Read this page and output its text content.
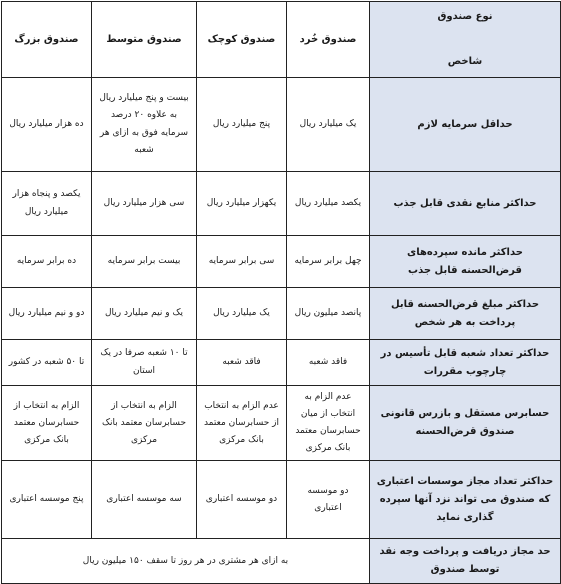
نوع صندوق
شاخص	صندوق خُرد	صندوق کوچک	صندوق متوسط	صندوق بزرگ
حداقل سرمایه لازم	یک میلیارد ریال	پنج میلیارد ریال	بیست و پنج میلیارد ریال به علاوه ۲۰ درصد سرمایه فوق به ازای هر شعبه	ده هزار میلیارد ریال
حداکثر منابع نقدی قابل جذب	یکصد میلیارد ریال	یکهزار میلیارد ریال	سی هزار میلیارد ریال	یکصد و پنجاه هزار میلیارد ریال
حداکثر مانده سپرده‌های قرض‌الحسنه قابل جذب	چهل برابر سرمایه	سی برابر سرمایه	بیست برابر سرمایه	ده برابر سرمایه
حداکثر مبلغ قرض‌الحسنه قابل پرداخت به هر شخص	پانصد میلیون ریال	یک میلیارد ریال	یک و نیم میلیارد ریال	دو و نیم میلیارد ریال
حداکثر تعداد شعبه قابل تأسیس در چارچوب مقررات	فاقد شعبه	فاقد شعبه	تا ۱۰ شعبه صرفا در یک استان	تا ۵۰ شعبه در کشور
حسابرس مستقل و بازرس قانونی صندوق قرض‌الحسنه	عدم الزام به انتخاب از میان حسابرسان معتمد بانک مرکزی	عدم الزام به انتخاب از حسابرسان معتمد بانک مرکزی	الزام به انتخاب از حسابرسان معتمد بانک مرکزی	الزام به انتخاب از حسابرسان معتمد بانک مرکزی
حداکثر تعداد مجاز موسسات اعتباری که صندوق می تواند نزد آنها سپرده گذاری نماید	دو موسسه اعتباری	دو موسسه اعتباری	سه موسسه اعتباری	پنج موسسه اعتباری
حد مجاز دریافت و پرداخت وجه نقد توسط صندوق	به ازای هر مشتری در هر روز تا سقف ۱۵۰ میلیون ریال			
